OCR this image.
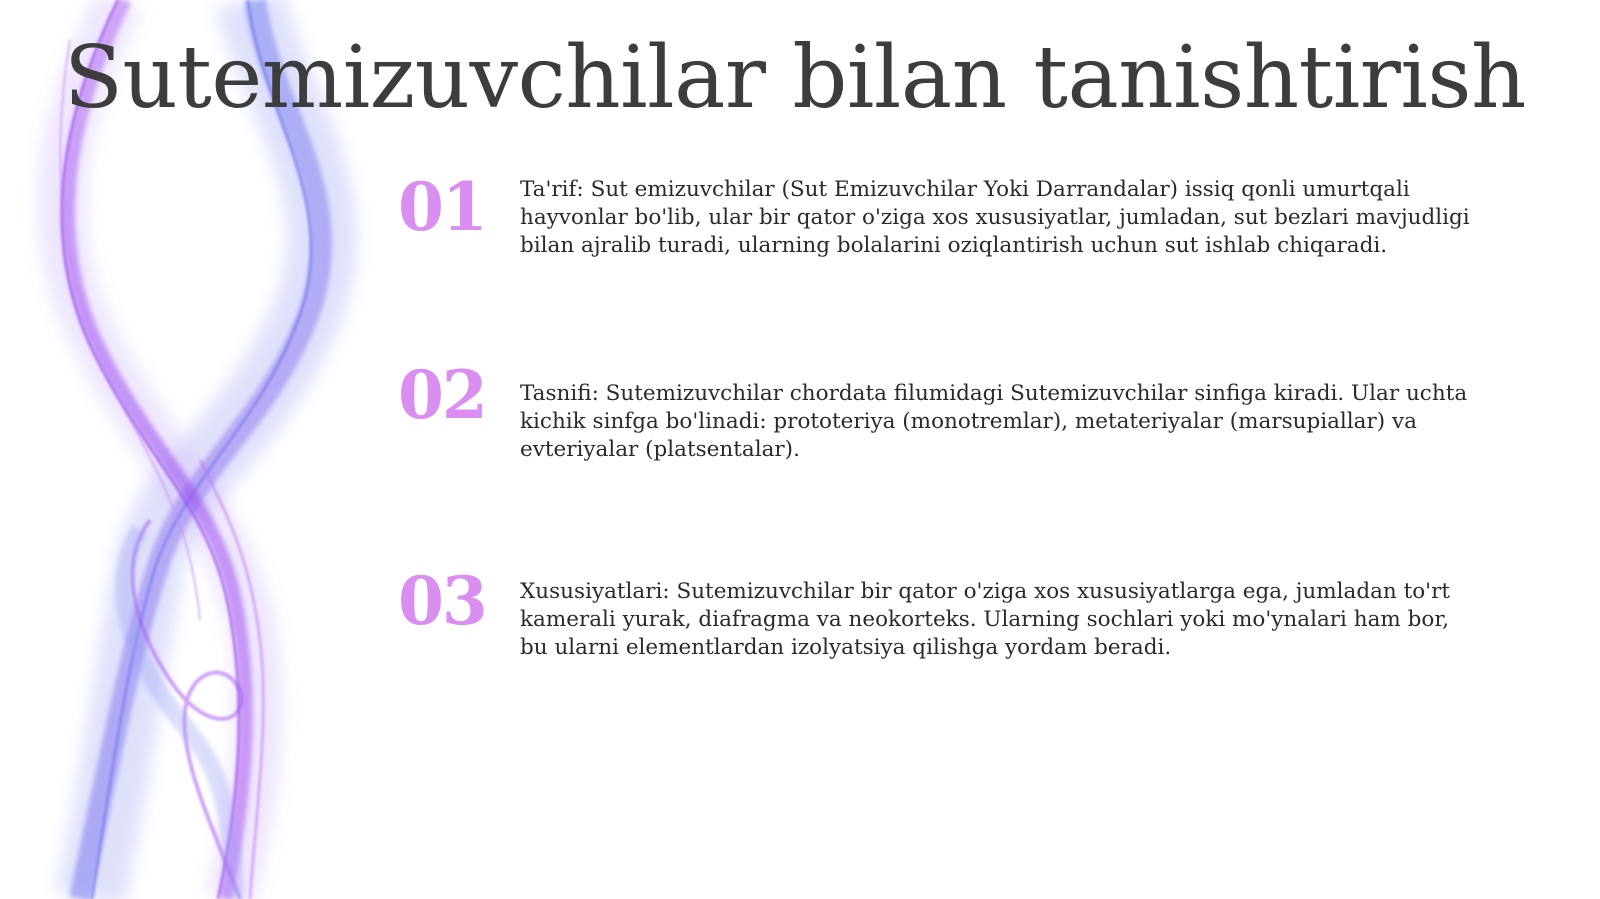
Sutemizuvchilar bilan tanishtirish
01 Ta'rif: Sut emizuvchilar (Sut Emizuvchilar Yoki Darrandalar) issiq qonli umurtqali hayvonlar bo'lib, ular bir qator o'ziga xos xususiyatlar, jumladan, sut bezlari mavjudligi bilan ajralib turadi, ularning bolalarini oziqlantirish uchun sut ishlab chiqaradi.

02 Tasnifi: Sutemizuvchilar chordata filumidagi Sutemizuvchilar sinfiga kiradi. Ular uchta kichik sinfga bo'linadi: prototeriya (monotremlar), metateriyalar (marsupiallar) va evteriyalar (platsentalar).

03 Xususiyatlari: Sutemizuvchilar bir qator o'ziga xos xususiyatlarga ega, jumladan to'rt kamerali yurak, diafragma va neokorteks. Ularning sochlari yoki mo'ynalari ham bor, bu ularni elementlardan izolyatsiya qilishga yordam beradi.
